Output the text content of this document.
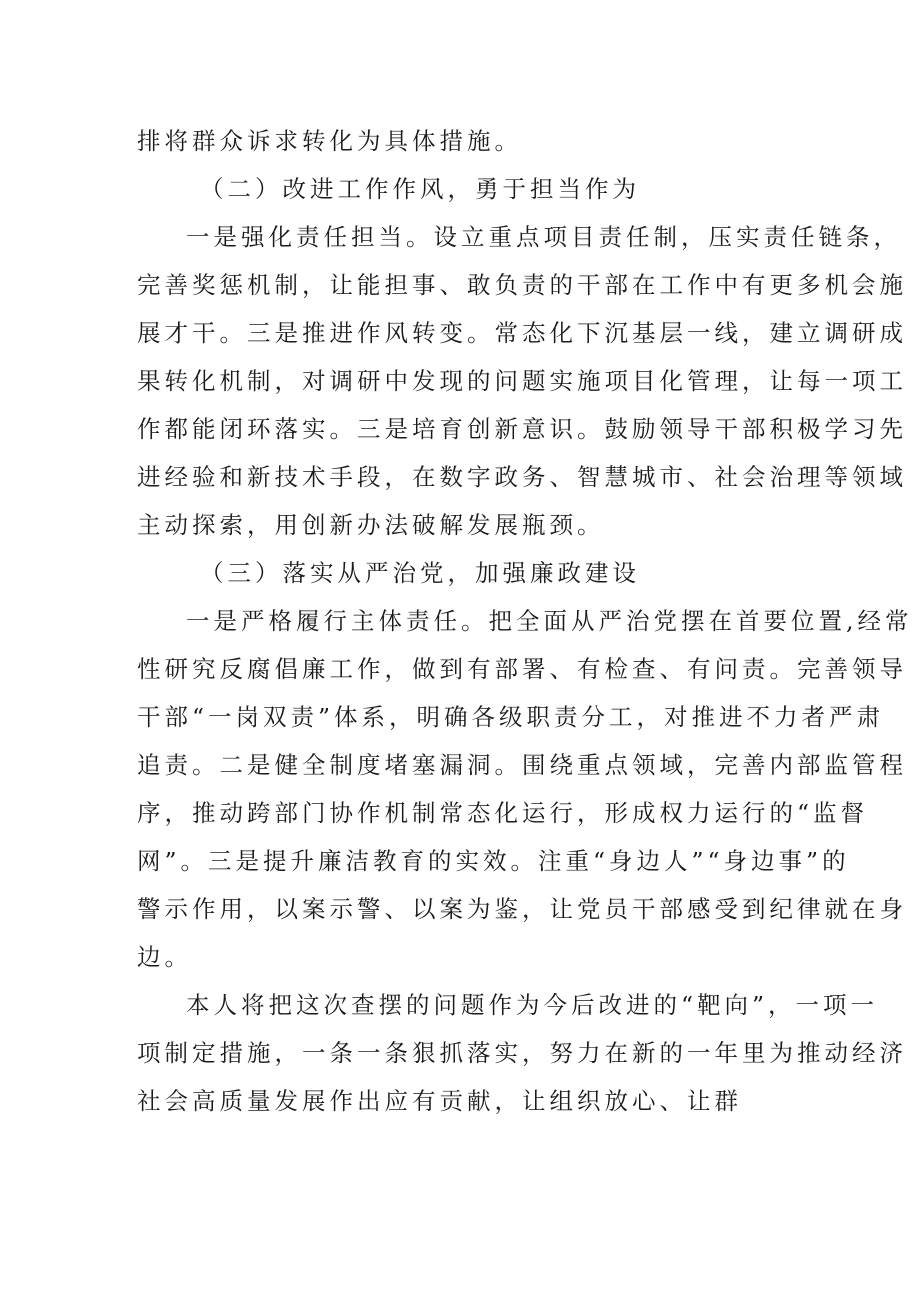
排将群众诉求转化为具体措施。
（二）改进工作作风，勇于担当作为
一是强化责任担当。设立重点项目责任制，压实责任链条，
完善奖惩机制，让能担事、敢负责的干部在工作中有更多机会施
展才干。三是推进作风转变。常态化下沉基层一线，建立调研成
果转化机制，对调研中发现的问题实施项目化管理，让每一项工
作都能闭环落实。三是培育创新意识。鼓励领导干部积极学习先
进经验和新技术手段，在数字政务、智慧城市、社会治理等领域
主动探索，用创新办法破解发展瓶颈。
（三）落实从严治党，加强廉政建设
一是严格履行主体责任。把全面从严治党摆在首要位置,经常
性研究反腐倡廉工作，做到有部署、有检查、有问责。完善领导
干部“一岗双责”体系，明确各级职责分工，对推进不力者严肃
追责。二是健全制度堵塞漏洞。围绕重点领域，完善内部监管程
序，推动跨部门协作机制常态化运行，形成权力运行的“监督
网”。三是提升廉洁教育的实效。注重“身边人”“身边事”的
警示作用，以案示警、以案为鉴，让党员干部感受到纪律就在身
边。
本人将把这次查摆的问题作为今后改进的“靶向”，一项一
项制定措施，一条一条狠抓落实，努力在新的一年里为推动经济
社会高质量发展作出应有贡献，让组织放心、让群
